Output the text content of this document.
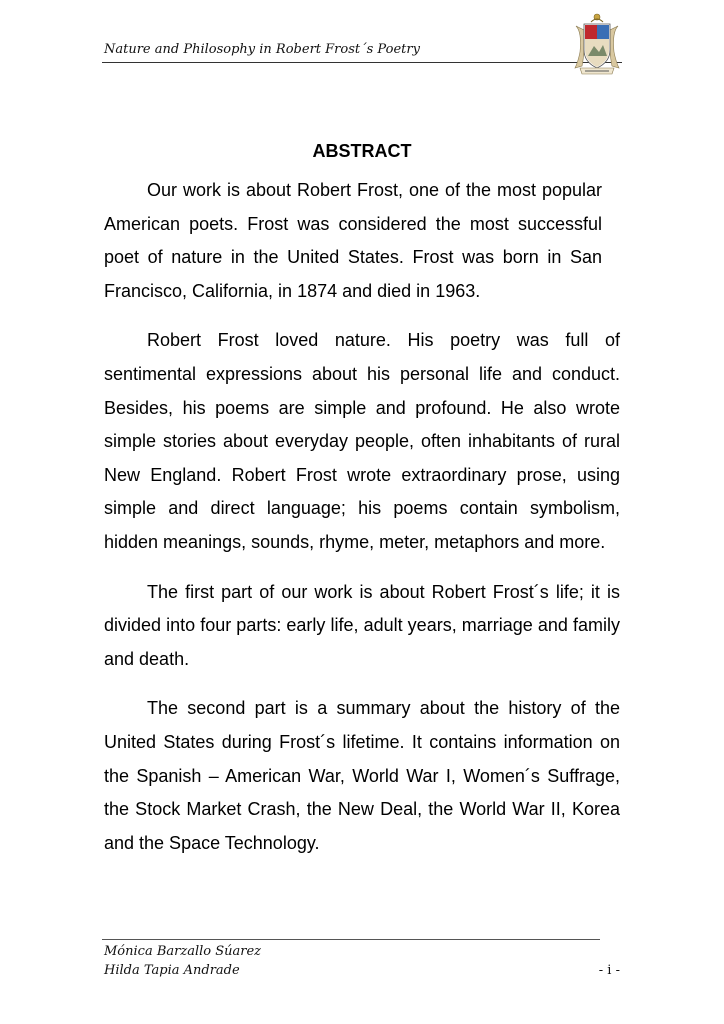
Nature and Philosophy in Robert Frost´s Poetry
ABSTRACT

Our work is about Robert Frost, one of the most popular American poets. Frost was considered the most successful poet of nature in the United States. Frost was born in San Francisco, California, in 1874 and died in 1963.

Robert Frost loved nature. His poetry was full of sentimental expressions about his personal life and conduct. Besides, his poems are simple and profound. He also wrote simple stories about everyday people, often inhabitants of rural New England. Robert Frost wrote extraordinary prose, using simple and direct language; his poems contain symbolism, hidden meanings, sounds, rhyme, meter, metaphors and more.

The first part of our work is about Robert Frost´s life; it is divided into four parts: early life, adult years, marriage and family and death.

The second part is a summary about the history of the United States during Frost´s lifetime. It contains information on the Spanish – American War, World War I, Women´s Suffrage, the Stock Market Crash, the New Deal, the World War II, Korea and the Space Technology.

Mónica Barzallo Súarez
Hilda Tapia Andrade	- i -
